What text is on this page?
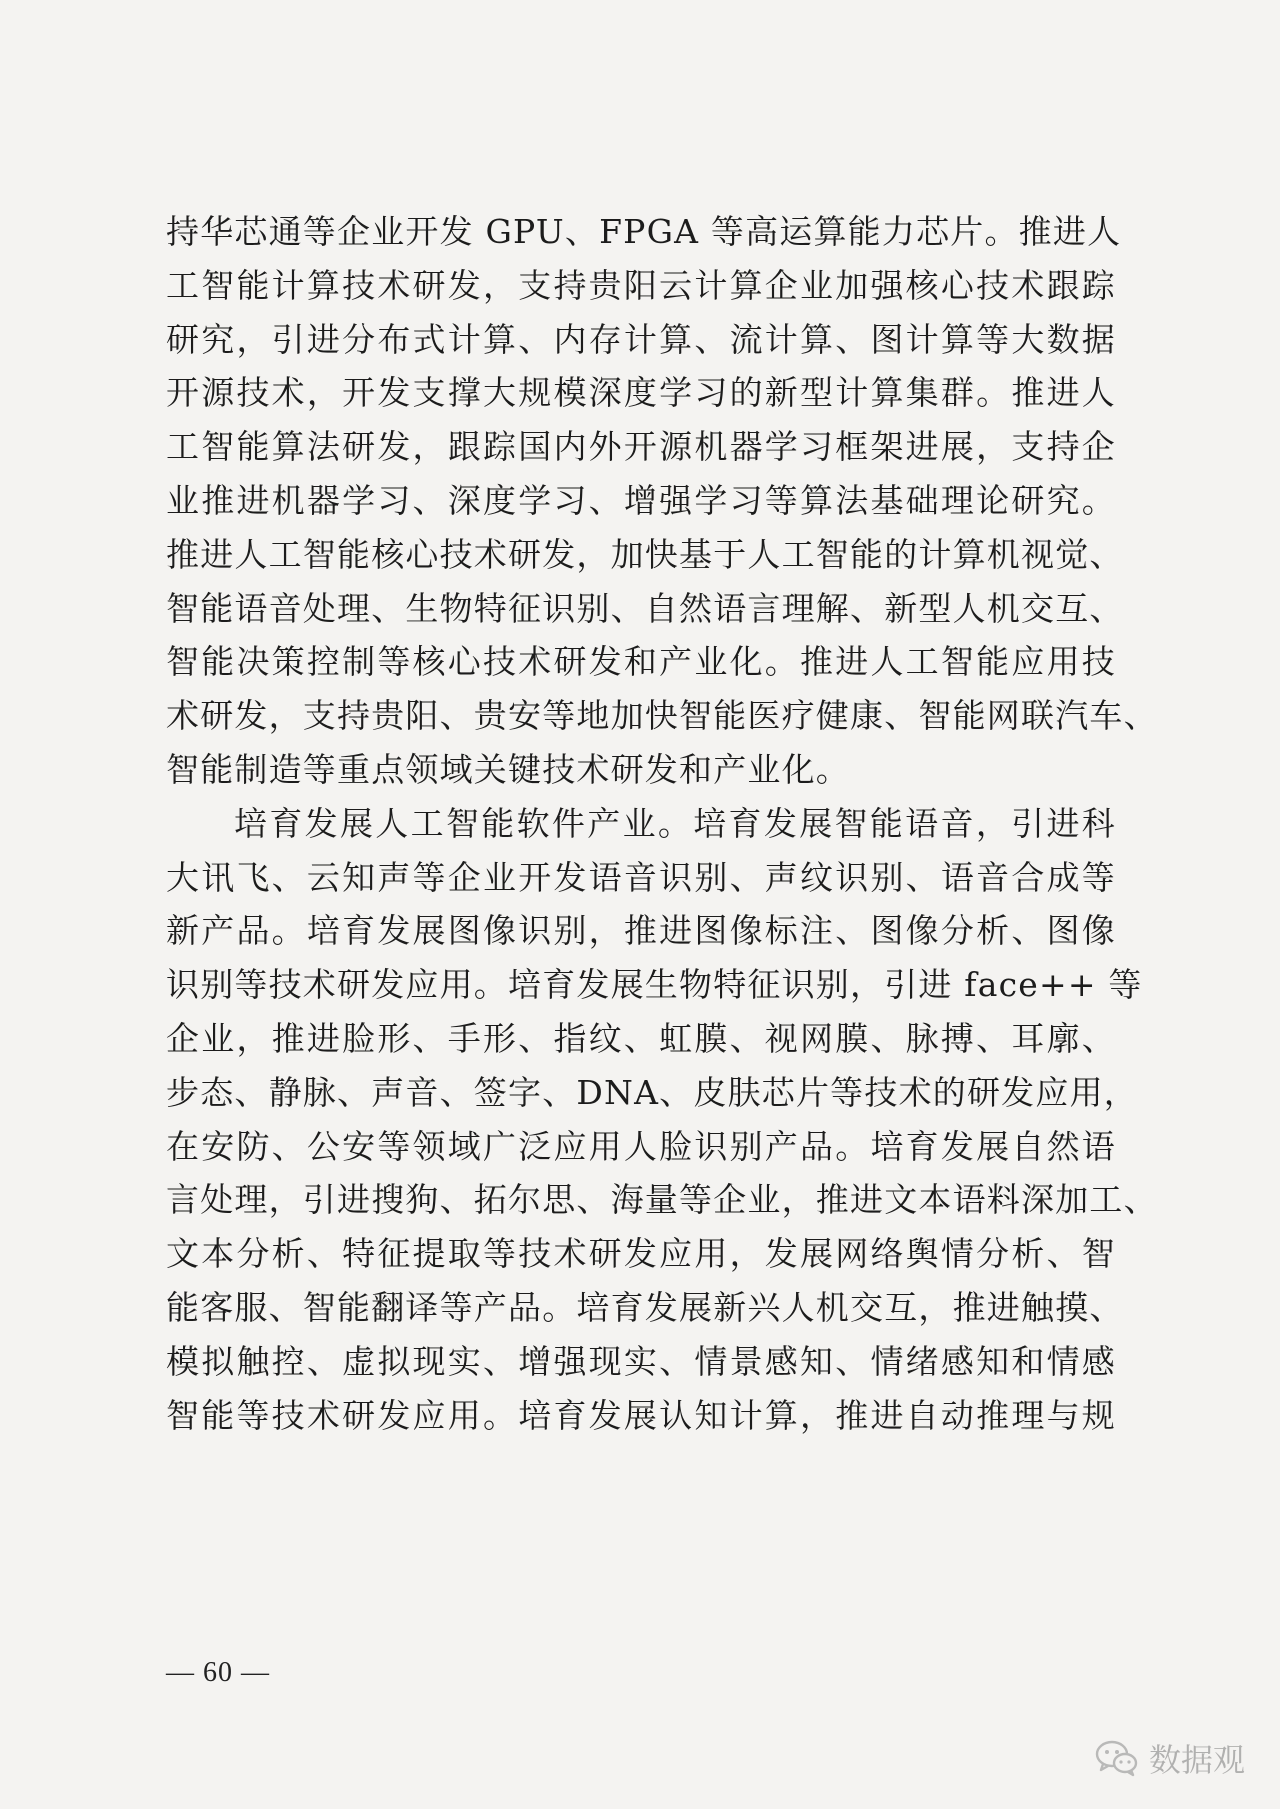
持华芯通等企业开发 GPU、FPGA 等高运算能力芯片。推进人
工智能计算技术研发，支持贵阳云计算企业加强核心技术跟踪
研究，引进分布式计算、内存计算、流计算、图计算等大数据
开源技术，开发支撑大规模深度学习的新型计算集群。推进人
工智能算法研发，跟踪国内外开源机器学习框架进展，支持企
业推进机器学习、深度学习、增强学习等算法基础理论研究。
推进人工智能核心技术研发，加快基于人工智能的计算机视觉、
智能语音处理、生物特征识别、自然语言理解、新型人机交互、
智能决策控制等核心技术研发和产业化。推进人工智能应用技
术研发，支持贵阳、贵安等地加快智能医疗健康、智能网联汽车、
智能制造等重点领域关键技术研发和产业化。
培育发展人工智能软件产业。培育发展智能语音，引进科
大讯飞、云知声等企业开发语音识别、声纹识别、语音合成等
新产品。培育发展图像识别，推进图像标注、图像分析、图像
识别等技术研发应用。培育发展生物特征识别，引进 face++ 等
企业，推进脸形、手形、指纹、虹膜、视网膜、脉搏、耳廓、
步态、静脉、声音、签字、DNA、皮肤芯片等技术的研发应用，
在安防、公安等领域广泛应用人脸识别产品。培育发展自然语
言处理，引进搜狗、拓尔思、海量等企业，推进文本语料深加工、
文本分析、特征提取等技术研发应用，发展网络舆情分析、智
能客服、智能翻译等产品。培育发展新兴人机交互，推进触摸、
模拟触控、虚拟现实、增强现实、情景感知、情绪感知和情感
智能等技术研发应用。培育发展认知计算，推进自动推理与规
— 60 —
数据观
